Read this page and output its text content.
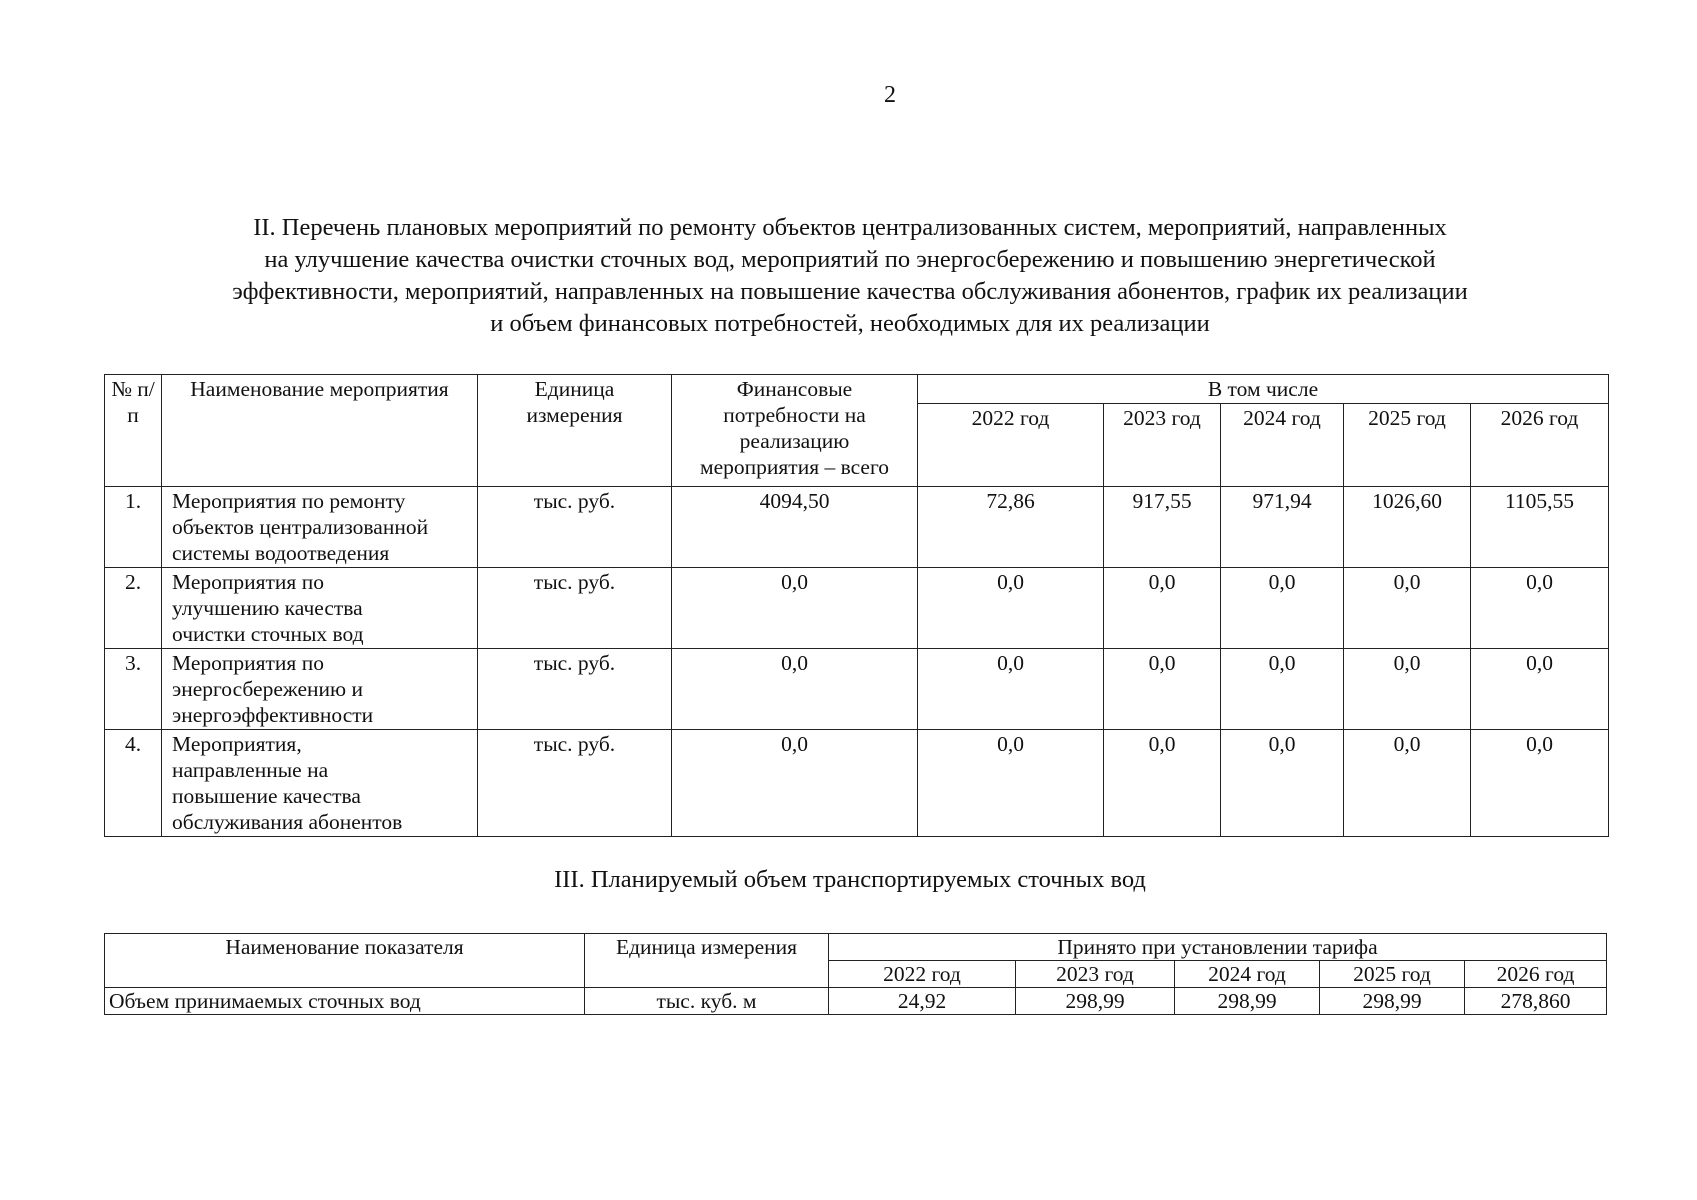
2
II. Перечень плановых мероприятий по ремонту объектов централизованных систем, мероприятий, направленных
на улучшение качества очистки сточных вод, мероприятий по энергосбережению и повышению энергетической
эффективности, мероприятий, направленных на повышение качества обслуживания абонентов, график их реализации
и объем финансовых потребностей, необходимых для их реализации
№ п/п	Наименование мероприятия	Единица измерения	Финансовые потребности на реализацию мероприятия – всего	В том числе				
				2022 год	2023 год	2024 год	2025 год	2026 год
1.	Мероприятия по ремонту объектов централизованной системы водоотведения	тыс. руб.	4094,50	72,86	917,55	971,94	1026,60	1105,55
2.	Мероприятия по улучшению качества очистки сточных вод	тыс. руб.	0,0	0,0	0,0	0,0	0,0	0,0
3.	Мероприятия по энергосбережению и энергоэффективности	тыс. руб.	0,0	0,0	0,0	0,0	0,0	0,0
4.	Мероприятия, направленные на повышение качества обслуживания абонентов	тыс. руб.	0,0	0,0	0,0	0,0	0,0	0,0
III. Планируемый объем транспортируемых сточных вод
Наименование показателя	Единица измерения	Принято при установлении тарифа				
		2022 год	2023 год	2024 год	2025 год	2026 год
Объем принимаемых сточных вод	тыс. куб. м	24,92	298,99	298,99	298,99	278,860
